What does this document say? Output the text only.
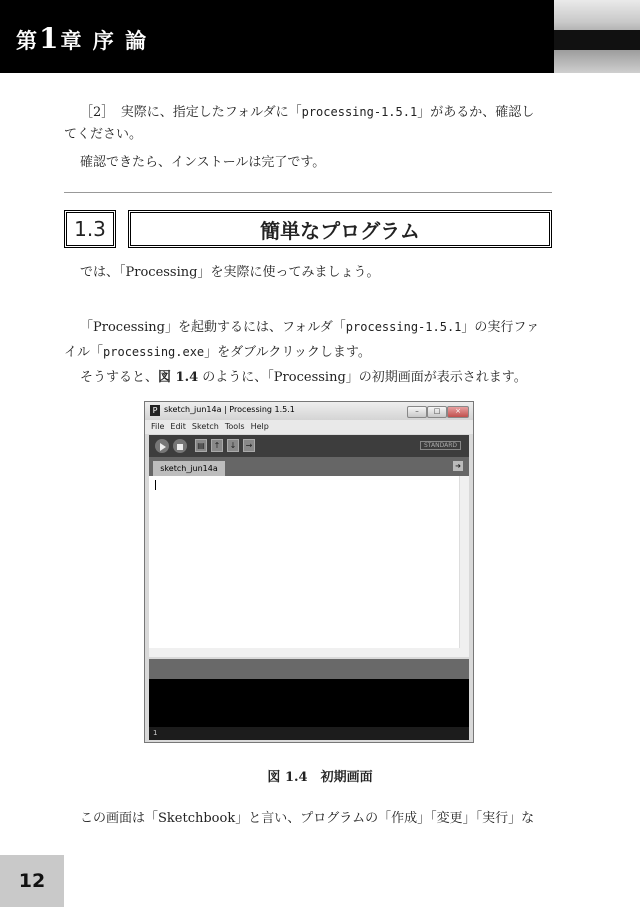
第1章 序 論
［2］　実際に、指定したフォルダに「processing-1.5.1」があるか、確認し
てください。
確認できたら、インストールは完了です。
1.3	簡単なプログラム
では、「Processing」を実際に使ってみましょう。
「Processing」を起動するには、フォルダ「processing-1.5.1」の実行ファ
イル「processing.exe」をダブルクリックします。
そうすると、図 1.4 のように、「Processing」の初期画面が表示されます。
P sketch_jun14a | Processing 1.5.1	–	□	×
File Edit Sketch Tools Help
▤	↑	↓	→	STANDARD
sketch_jun14a	➜
1
図 1.4　初期画面
この画面は「Sketchbook」と言い、プログラムの「作成」「変更」「実行」な
12
